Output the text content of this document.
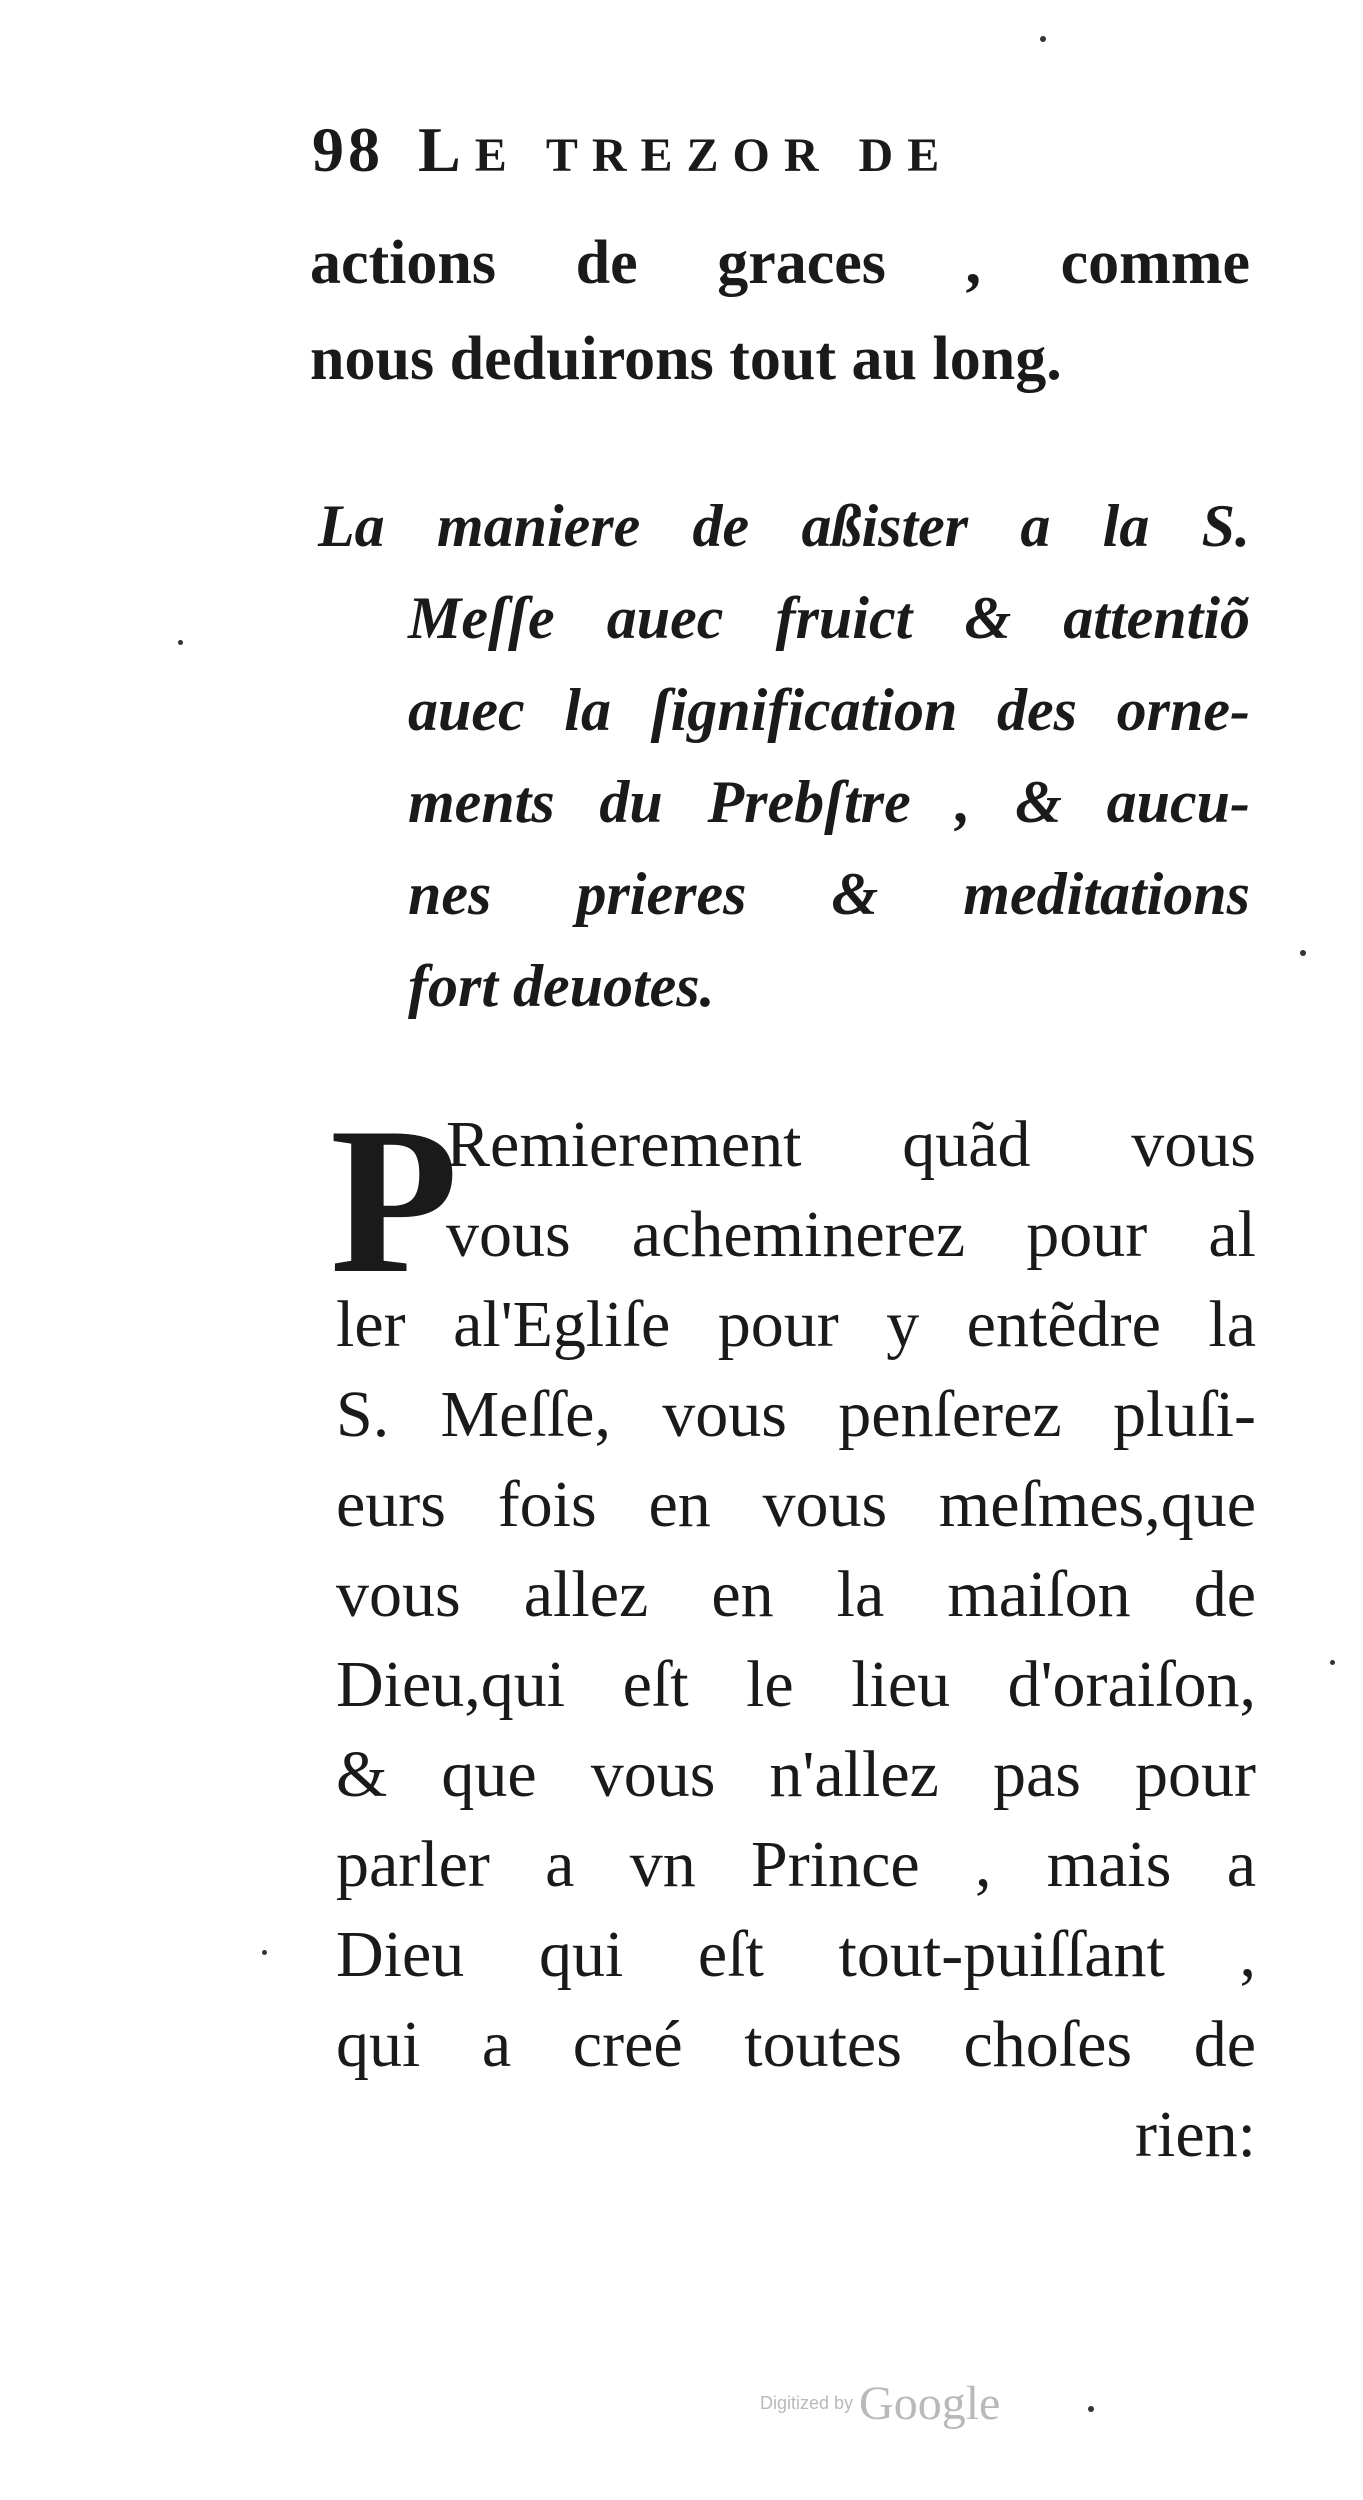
98 LE TREZOR DE
actions de graces , comme
nous deduirons tout au long.
La maniere de aßister a la S.
Meſſe auec fruict & attentiõ
auec la ſignification des orne-
ments du Prebſtre , & aucu-
nes prieres & meditations
fort deuotes.
P
Remierement quãd vous
vous acheminerez pour al
ler al'Egliſe pour y entẽdre la
S. Meſſe, vous penſerez pluſi-
eurs fois en vous meſmes,que
vous allez en la maiſon de
Dieu,qui eſt le lieu d'oraiſon,
& que vous n'allez pas pour
parler a vn Prince , mais a
Dieu qui eſt tout-puiſſant ,
qui a creé toutes choſes de
rien:
Digitized by Google
